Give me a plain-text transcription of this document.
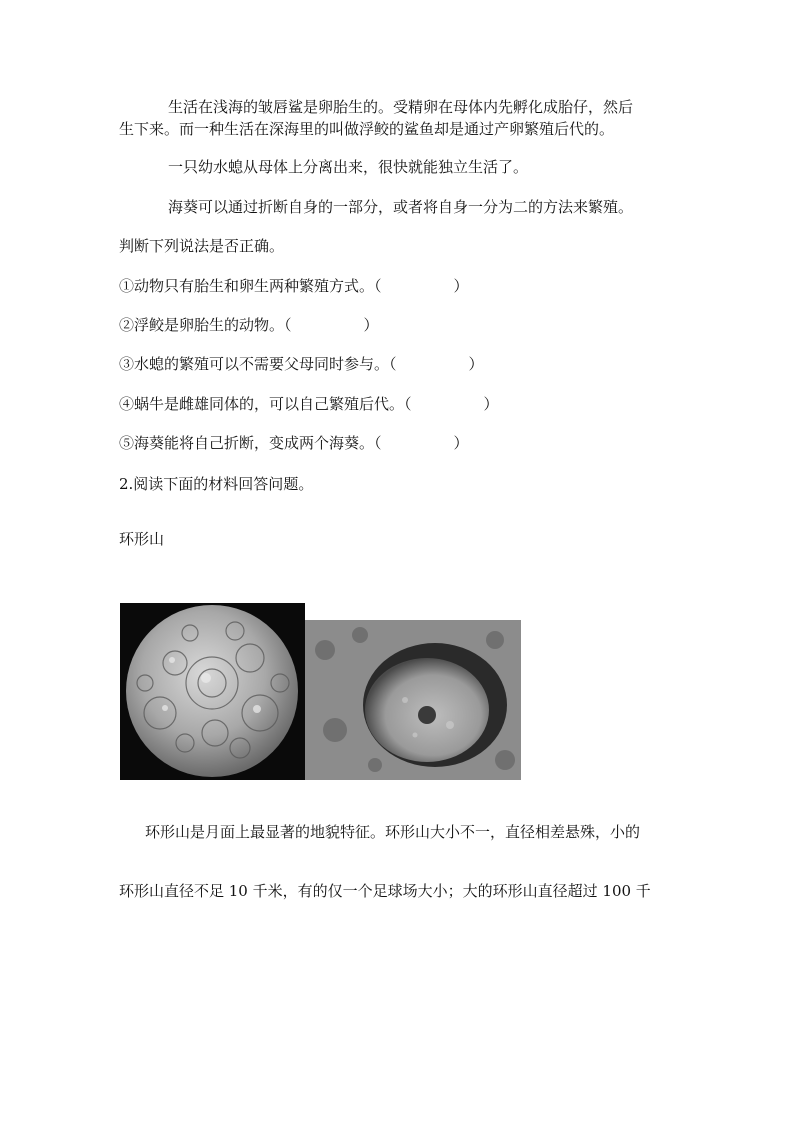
生活在浅海的皱唇鲨是卵胎生的。受精卵在母体内先孵化成胎仔，然后
生下来。而一种生活在深海里的叫做浮鲛的鲨鱼却是通过产卵繁殖后代的。
一只幼水螅从母体上分离出来，很快就能独立生活了。
海葵可以通过折断自身的一部分，或者将自身一分为二的方法来繁殖。
判断下列说法是否正确。
①动物只有胎生和卵生两种繁殖方式。（	）
②浮鲛是卵胎生的动物。（	）
③水螅的繁殖可以不需要父母同时参与。（	）
④蜗牛是雌雄同体的，可以自己繁殖后代。（	）
⑤海葵能将自己折断，变成两个海葵。（	）
2.阅读下面的材料回答问题。
环形山
环形山是月面上最显著的地貌特征。环形山大小不一，直径相差悬殊，小的
环形山直径不足 10 千米，有的仅一个足球场大小；大的环形山直径超过 100 千
